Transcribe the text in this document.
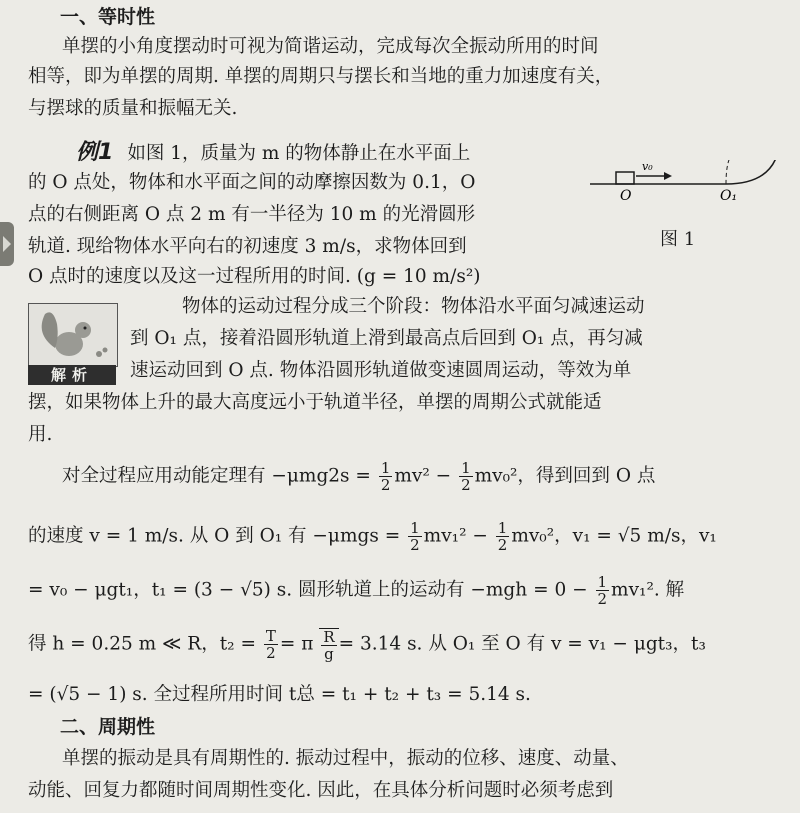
一、等时性
单摆的小角度摆动时可视为简谐运动，完成每次全振动所用的时间
相等，即为单摆的周期. 单摆的周期只与摆长和当地的重力加速度有关，
与摆球的质量和振幅无关.
例1 如图 1，质量为 m 的物体静止在水平面上
的 O 点处，物体和水平面之间的动摩擦因数为 0.1，O
点的右侧距离 O 点 2 m 有一半径为 10 m 的光滑圆形
轨道. 现给物体水平向右的初速度 3 m/s，求物体回到
O 点时的速度以及这一过程所用的时间. (g = 10 m/s²)
v₀
O	O₁
图 1
解析
物体的运动过程分成三个阶段：物体沿水平面匀减速运动
到 O₁ 点，接着沿圆形轨道上滑到最高点后回到 O₁ 点，再匀减
速运动回到 O 点. 物体沿圆形轨道做变速圆周运动，等效为单
摆，如果物体上升的最大高度远小于轨道半径，单摆的周期公式就能适
用.
对全过程应用动能定理有 $-\mu mg2s = \frac{1}{2} mv^2 - \frac{1}{2} mv_0^2$，得到回到 O 点
的速度 v = 1 m/s. 从 O 到 O₁ 有 $-\mu mgs = \frac{1}{2} mv_1^2 - \frac{1}{2} mv_0^2$，v₁ = √5 m/s，v₁
= v₀ − μgt₁，t₁ = (3 − √5) s. 圆形轨道上的运动有 $-mgh = 0 - \frac{1}{2} mv_1^2$. 解
得 h = 0.25 m ≪ R，$t_2 = \frac{T}{2} = \pi \frac{R}{g} = 3.14$ s. 从 O₁ 至 O 有 v = v₁ − μgt₃，t₃
= (√5 − 1) s. 全过程所用时间 t总 = t₁ + t₂ + t₃ = 5.14 s.
二、周期性
单摆的振动是具有周期性的. 振动过程中，振动的位移、速度、动量、
动能、回复力都随时间周期性变化. 因此，在具体分析问题时必须考虑到
